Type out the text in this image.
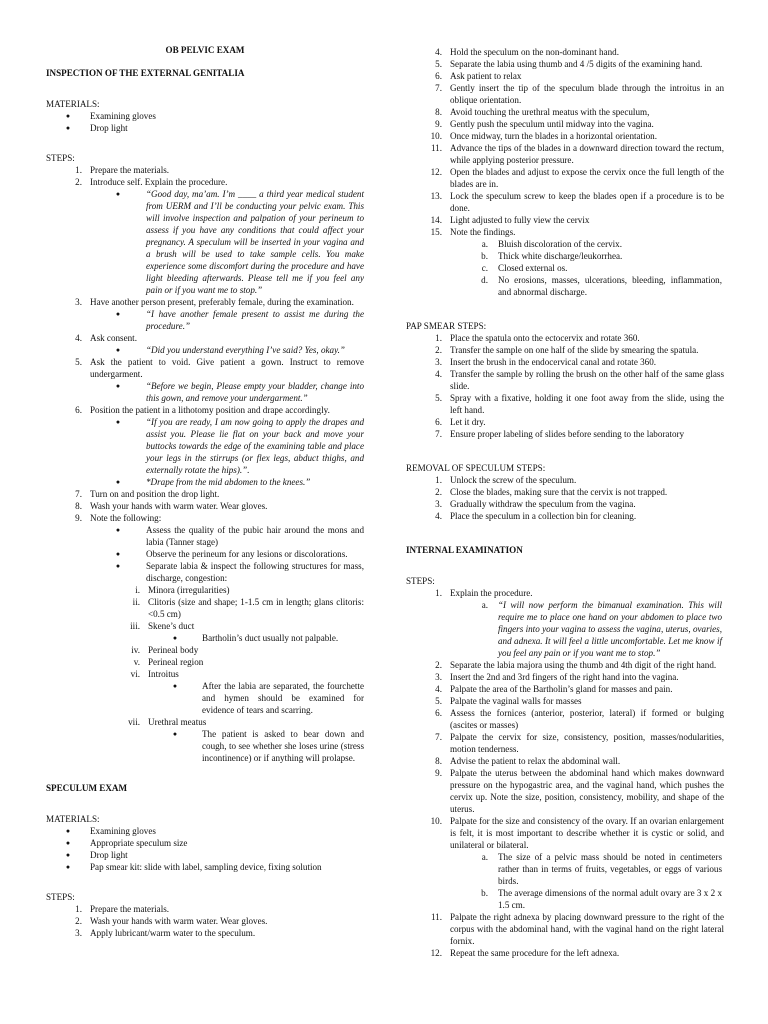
OB PELVIC EXAM
INSPECTION OF THE EXTERNAL GENITALIA
MATERIALS:
●	Examining gloves
●	Drop light
STEPS:
1. Prepare the materials.
2. Introduce self. Explain the procedure.
●	“Good day, ma’am. I’m ____ a third year medical student from UERM and I’ll be conducting your pelvic exam. This will involve inspection and palpation of your perineum to assess if you have any conditions that could affect your pregnancy. A speculum will be inserted in your vagina and a brush will be used to take sample cells. You make experience some discomfort during the procedure and have light bleeding afterwards. Please tell me if you feel any pain or if you want me to stop.”
3. Have another person present, preferably female, during the examination.
●	“I have another female present to assist me during the procedure.”
4. Ask consent.
●	“Did you understand everything I’ve said? Yes, okay.”
5. Ask the patient to void. Give patient a gown. Instruct to remove undergarment.
●	“Before we begin, Please empty your bladder, change into this gown, and remove your undergarment.”
6. Position the patient in a lithotomy position and drape accordingly.
●	“If you are ready, I am now going to apply the drapes and assist you. Please lie flat on your back and move your buttocks towards the edge of the examining table and place your legs in the stirrups (or flex legs, abduct thighs, and externally rotate the hips).”.
●	*Drape from the mid abdomen to the knees.”
7. Turn on and position the drop light.
8. Wash your hands with warm water. Wear gloves.
9. Note the following:
●	Assess the quality of the pubic hair around the mons and labia (Tanner stage)
●	Observe the perineum for any lesions or discolorations.
●	Separate labia & inspect the following structures for mass, discharge, congestion:
i. Minora (irregularities)
ii. Clitoris (size and shape; 1-1.5 cm in length; glans clitoris: <0.5 cm)
iii. Skene’s duct
●	Bartholin’s duct usually not palpable.
iv. Perineal body
v. Perineal region
vi. Introitus
●	After the labia are separated, the fourchette and hymen should be examined for evidence of tears and scarring.
vii. Urethral meatus
●	The patient is asked to bear down and cough, to see whether she loses urine (stress incontinence) or if anything will prolapse.
SPECULUM EXAM
MATERIALS:
●	Examining gloves
●	Appropriate speculum size
●	Drop light
●	Pap smear kit: slide with label, sampling device, fixing solution
STEPS:
1. Prepare the materials.
2. Wash your hands with warm water. Wear gloves.
3. Apply lubricant/warm water to the speculum.
4. Hold the speculum on the non-dominant hand.
5. Separate the labia using thumb and 4 /5 digits of the examining hand.
6. Ask patient to relax
7. Gently insert the tip of the speculum blade through the introitus in an oblique orientation.
8. Avoid touching the urethral meatus with the speculum,
9. Gently push the speculum until midway into the vagina.
10. Once midway, turn the blades in a horizontal orientation.
11. Advance the tips of the blades in a downward direction toward the rectum, while applying posterior pressure.
12. Open the blades and adjust to expose the cervix once the full length of the blades are in.
13. Lock the speculum screw to keep the blades open if a procedure is to be done.
14. Light adjusted to fully view the cervix
15. Note the findings.
a.	Bluish discoloration of the cervix.
b.	Thick white discharge/leukorrhea.
c.	Closed external os.
d.	No erosions, masses, ulcerations, bleeding, inflammation, and abnormal discharge.
PAP SMEAR STEPS:
1. Place the spatula onto the ectocervix and rotate 360.
2. Transfer the sample on one half of the slide by smearing the spatula.
3. Insert the brush in the endocervical canal and rotate 360.
4. Transfer the sample by rolling the brush on the other half of the same glass slide.
5. Spray with a fixative, holding it one foot away from the slide, using the left hand.
6. Let it dry.
7. Ensure proper labeling of slides before sending to the laboratory
REMOVAL OF SPECULUM STEPS:
1. Unlock the screw of the speculum.
2. Close the blades, making sure that the cervix is not trapped.
3. Gradually withdraw the speculum from the vagina.
4. Place the speculum in a collection bin for cleaning.
INTERNAL EXAMINATION
STEPS:
1. Explain the procedure.
a.	“I will now perform the bimanual examination. This will require me to place one hand on your abdomen to place two fingers into your vagina to assess the vagina, uterus, ovaries, and adnexa. It will feel a little uncomfortable. Let me know if you feel any pain or if you want me to stop.”
2. Separate the labia majora using the thumb and 4th digit of the right hand.
3. Insert the 2nd and 3rd fingers of the right hand into the vagina.
4. Palpate the area of the Bartholin’s gland for masses and pain.
5. Palpate the vaginal walls for masses
6. Assess the fornices (anterior, posterior, lateral) if formed or bulging (ascites or masses)
7. Palpate the cervix for size, consistency, position, masses/nodularities, motion tenderness.
8. Advise the patient to relax the abdominal wall.
9. Palpate the uterus between the abdominal hand which makes downward pressure on the hypogastric area, and the vaginal hand, which pushes the cervix up. Note the size, position, consistency, mobility, and shape of the uterus.
10. Palpate for the size and consistency of the ovary. If an ovarian enlargement is felt, it is most important to describe whether it is cystic or solid, and unilateral or bilateral.
a.	The size of a pelvic mass should be noted in centimeters rather than in terms of fruits, vegetables, or eggs of various birds.
b.	The average dimensions of the normal adult ovary are 3 x 2 x 1.5 cm.
11. Palpate the right adnexa by placing downward pressure to the right of the corpus with the abdominal hand, with the vaginal hand on the right lateral fornix.
12. Repeat the same procedure for the left adnexa.
